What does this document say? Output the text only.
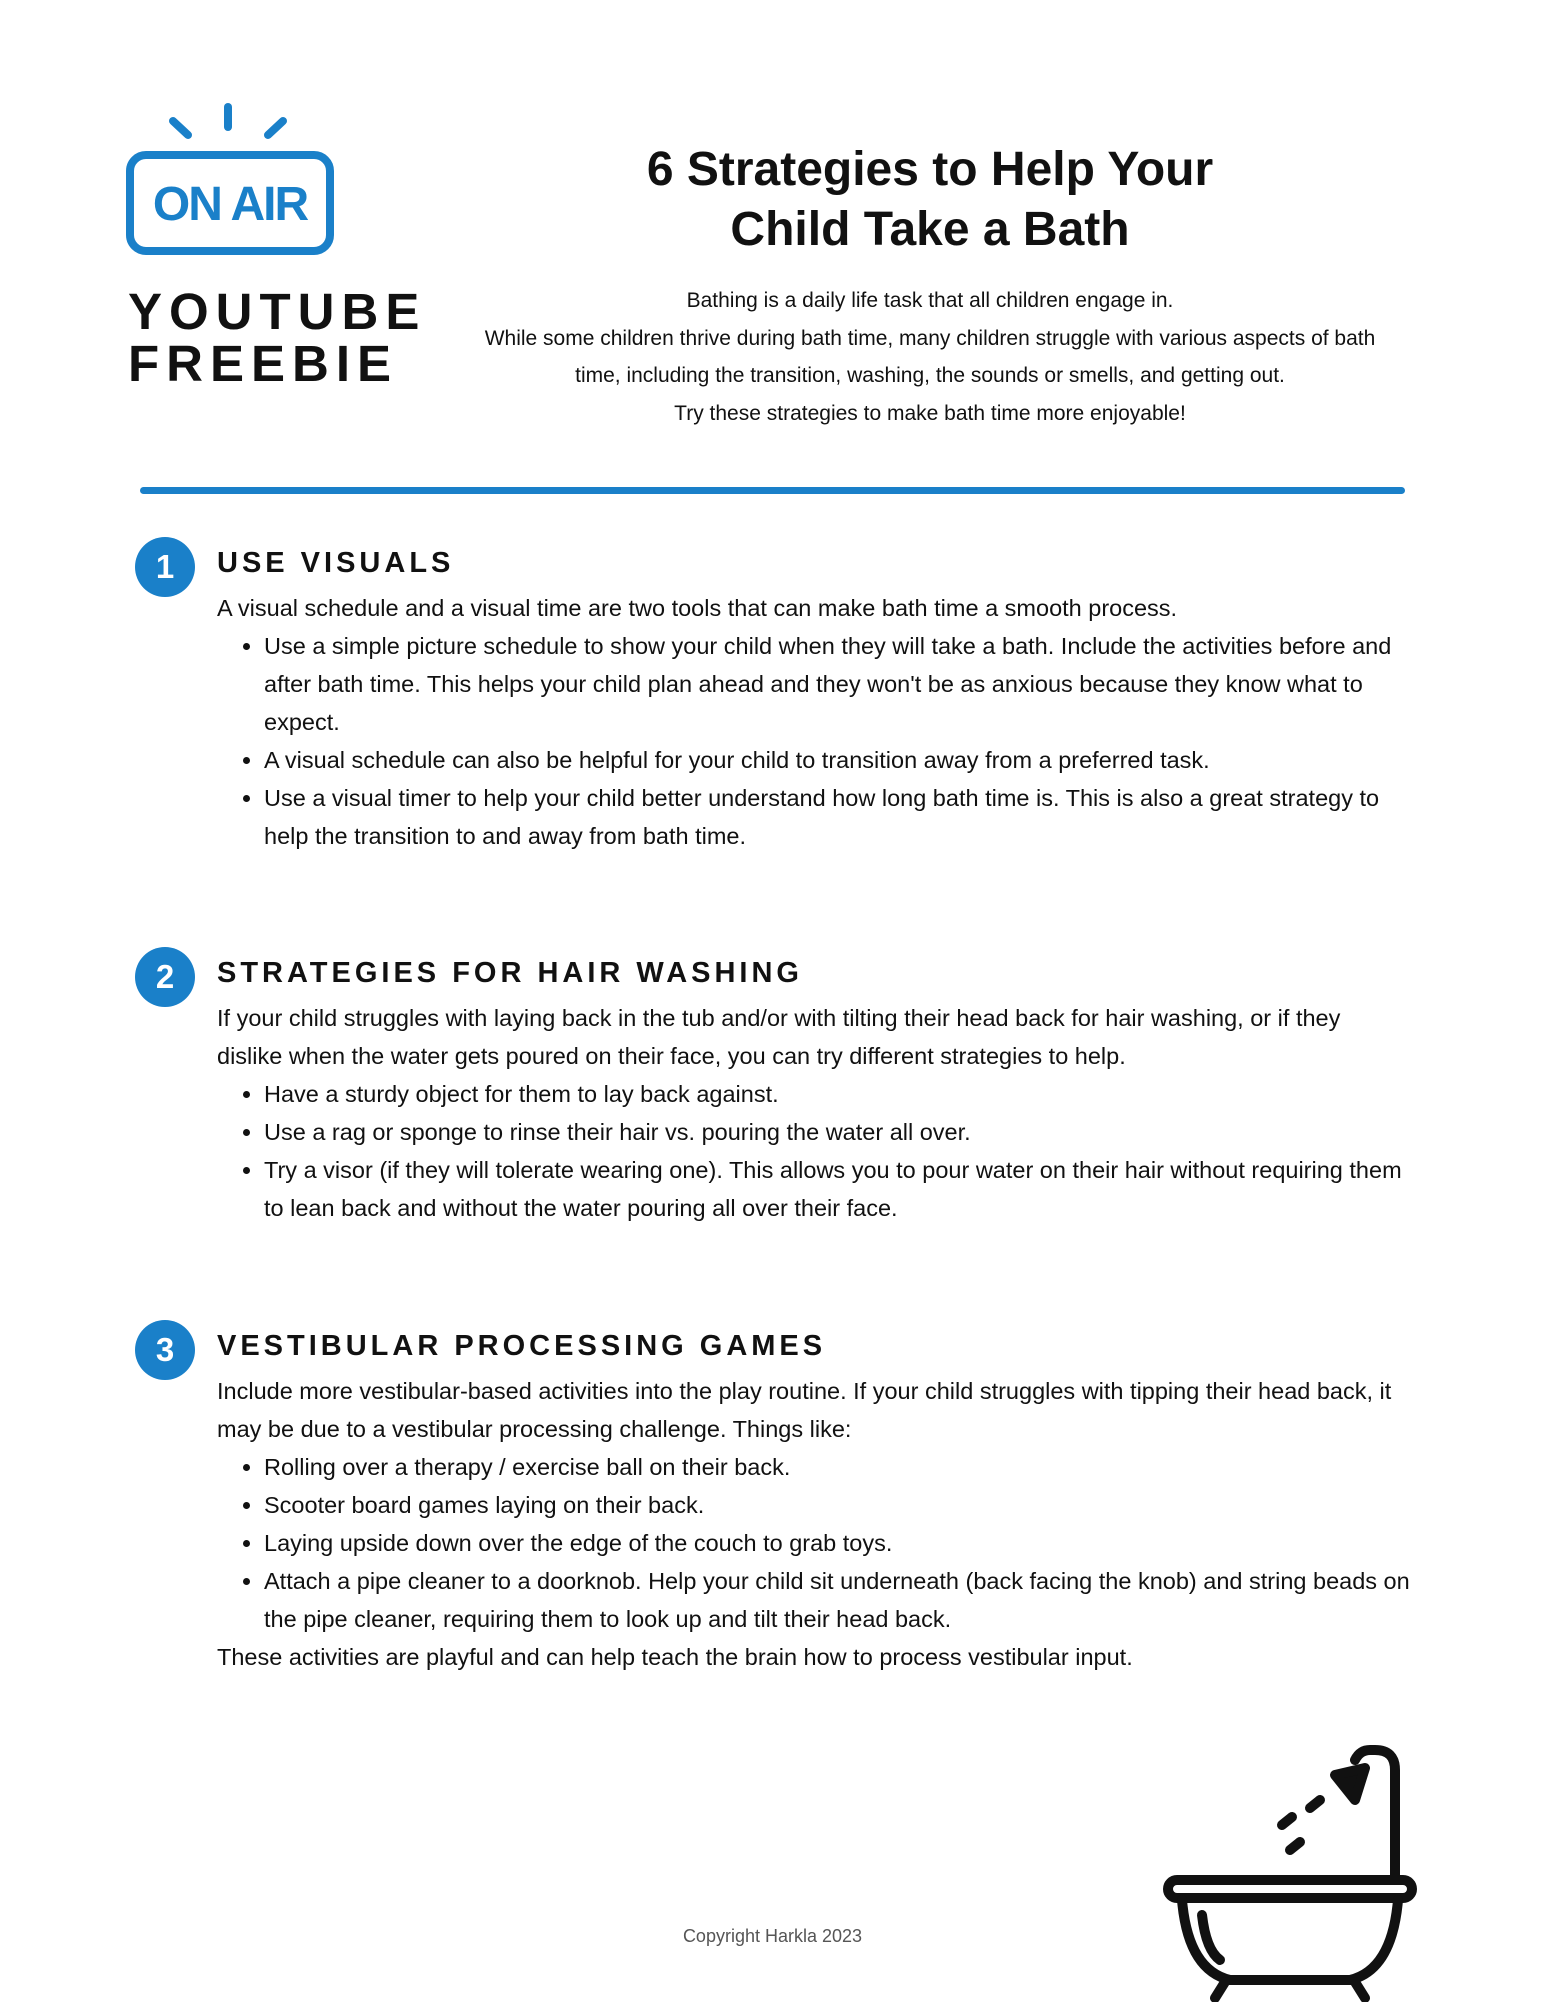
ON AIR
YOUTUBE
FREEBIE
6 Strategies to Help Your
Child Take a Bath
Bathing is a daily life task that all children engage in.
While some children thrive during bath time, many children struggle with various aspects of bath time, including the transition, washing, the sounds or smells, and getting out.
Try these strategies to make bath time more enjoyable!
1	USE VISUALS

A visual schedule and a visual time are two tools that can make bath time a smooth process.

• Use a simple picture schedule to show your child when they will take a bath. Include the activities before and after bath time. This helps your child plan ahead and they won't be as anxious because they know what to expect.
• A visual schedule can also be helpful for your child to transition away from a preferred task.
• Use a visual timer to help your child better understand how long bath time is. This is also a great strategy to help the transition to and away from bath time.
2	STRATEGIES FOR HAIR WASHING

If your child struggles with laying back in the tub and/or with tilting their head back for hair washing, or if they dislike when the water gets poured on their face, you can try different strategies to help.

• Have a sturdy object for them to lay back against.
• Use a rag or sponge to rinse their hair vs. pouring the water all over.
• Try a visor (if they will tolerate wearing one). This allows you to pour water on their hair without requiring them to lean back and without the water pouring all over their face.
3	VESTIBULAR PROCESSING GAMES

Include more vestibular-based activities into the play routine. If your child struggles with tipping their head back, it may be due to a vestibular processing challenge. Things like:

• Rolling over a therapy / exercise ball on their back.
• Scooter board games laying on their back.
• Laying upside down over the edge of the couch to grab toys.
• Attach a pipe cleaner to a doorknob. Help your child sit underneath (back facing the knob) and string beads on the pipe cleaner, requiring them to look up and tilt their head back.

These activities are playful and can help teach the brain how to process vestibular input.

Copyright Harkla 2023
